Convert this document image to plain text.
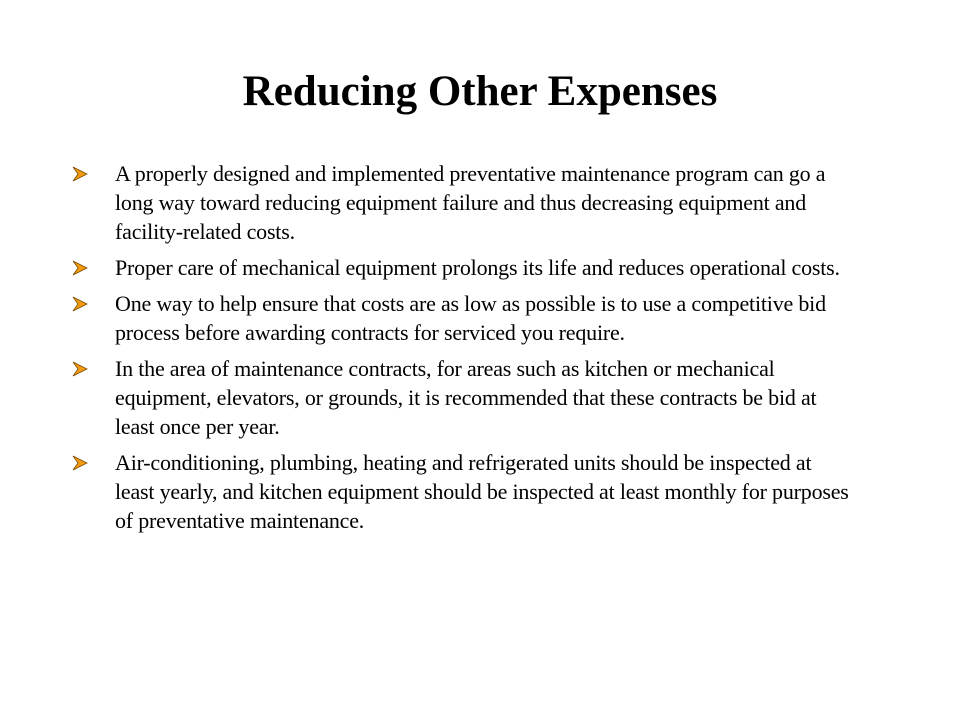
Reducing Other Expenses
A properly designed and implemented preventative maintenance program can go a long way toward reducing equipment failure and thus decreasing equipment and facility-related costs.
Proper care of mechanical equipment prolongs its life and reduces operational costs.
One way to help ensure that costs are as low as possible is to use a competitive bid process before awarding contracts for serviced you require.
In the area of maintenance contracts, for areas such as kitchen or mechanical equipment, elevators, or grounds, it is recommended that these contracts be bid at least once per year.
Air-conditioning, plumbing, heating and refrigerated units should be inspected at least yearly, and kitchen equipment should be inspected at least monthly for purposes of preventative maintenance.
